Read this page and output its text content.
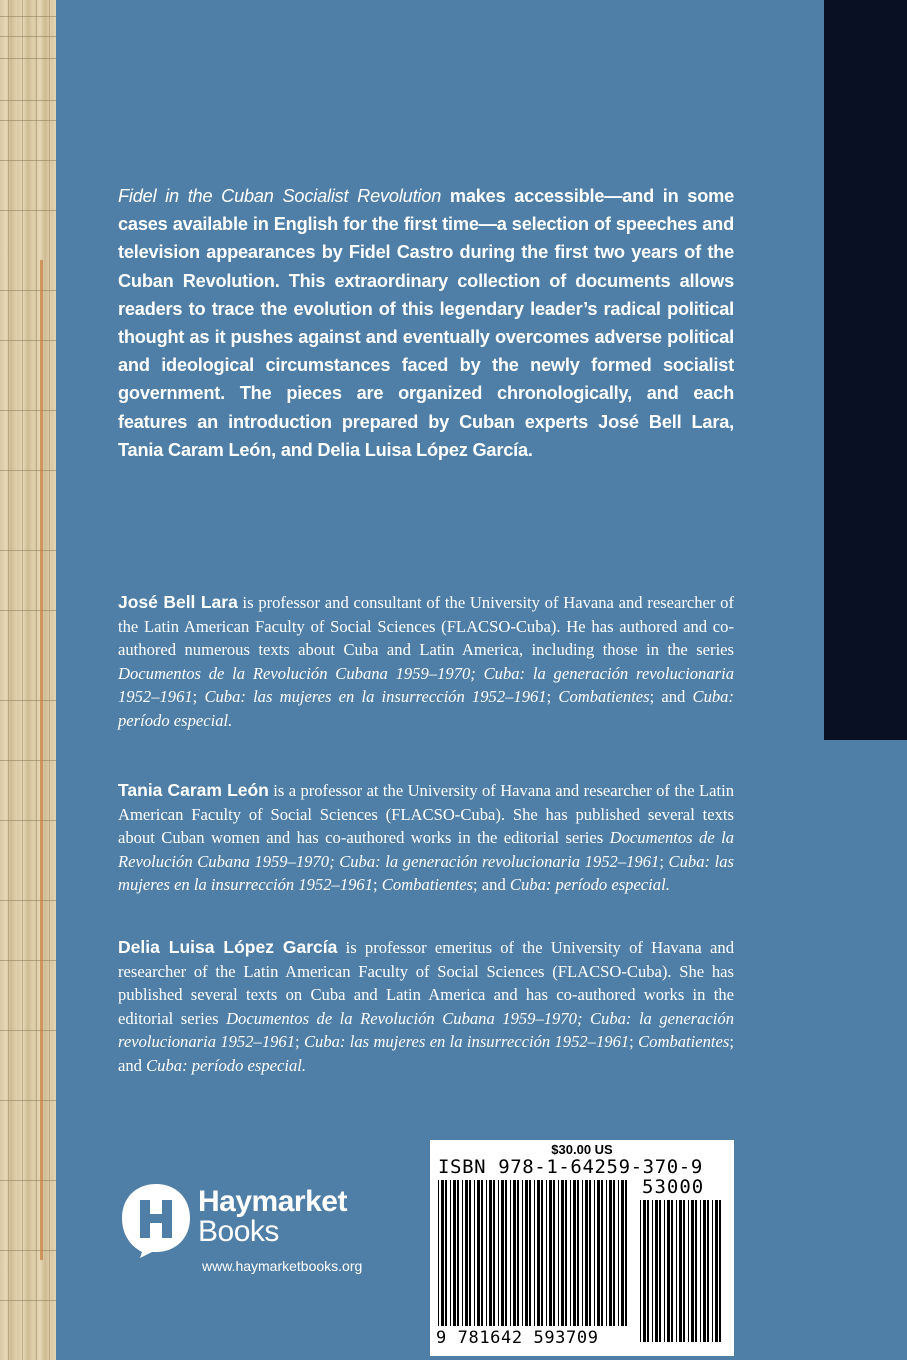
Fidel in the Cuban Socialist Revolution makes accessible—and in some cases available in English for the first time—a selection of speeches and television appearances by Fidel Castro during the first two years of the Cuban Revolution. This extraordinary collection of documents allows readers to trace the evolution of this legendary leader’s radical political thought as it pushes against and eventually overcomes adverse political and ideological circumstances faced by the newly formed socialist government. The pieces are organized chronologically, and each features an introduction prepared by Cuban experts José Bell Lara, Tania Caram León, and Delia Luisa López García.
José Bell Lara is professor and consultant of the University of Havana and researcher of the Latin American Faculty of Social Sciences (FLACSO-Cuba). He has authored and co-authored numerous texts about Cuba and Latin America, including those in the series Documentos de la Revolución Cubana 1959–1970; Cuba: la generación revolucionaria 1952–1961; Cuba: las mujeres en la insurrección 1952–1961; Combatientes; and Cuba: período especial.
Tania Caram León is a professor at the University of Havana and researcher of the Latin American Faculty of Social Sciences (FLACSO-Cuba). She has published several texts about Cuban women and has co-authored works in the editorial series Documentos de la Revolución Cubana 1959–1970; Cuba: la generación revolucionaria 1952–1961; Cuba: las mujeres en la insurrección 1952–1961; Combatientes; and Cuba: período especial.
Delia Luisa López García is professor emeritus of the University of Havana and researcher of the Latin American Faculty of Social Sciences (FLACSO-Cuba). She has published several texts on Cuba and Latin America and has co-authored works in the editorial series Documentos de la Revolución Cubana 1959–1970; Cuba: la generación revolucionaria 1952–1961; Cuba: las mujeres en la insurrección 1952–1961; Combatientes; and Cuba: período especial.
Haymarket
Books
www.haymarketbooks.org
$30.00 US
ISBN 978-1-64259-370-9
53000
9 781642 593709
